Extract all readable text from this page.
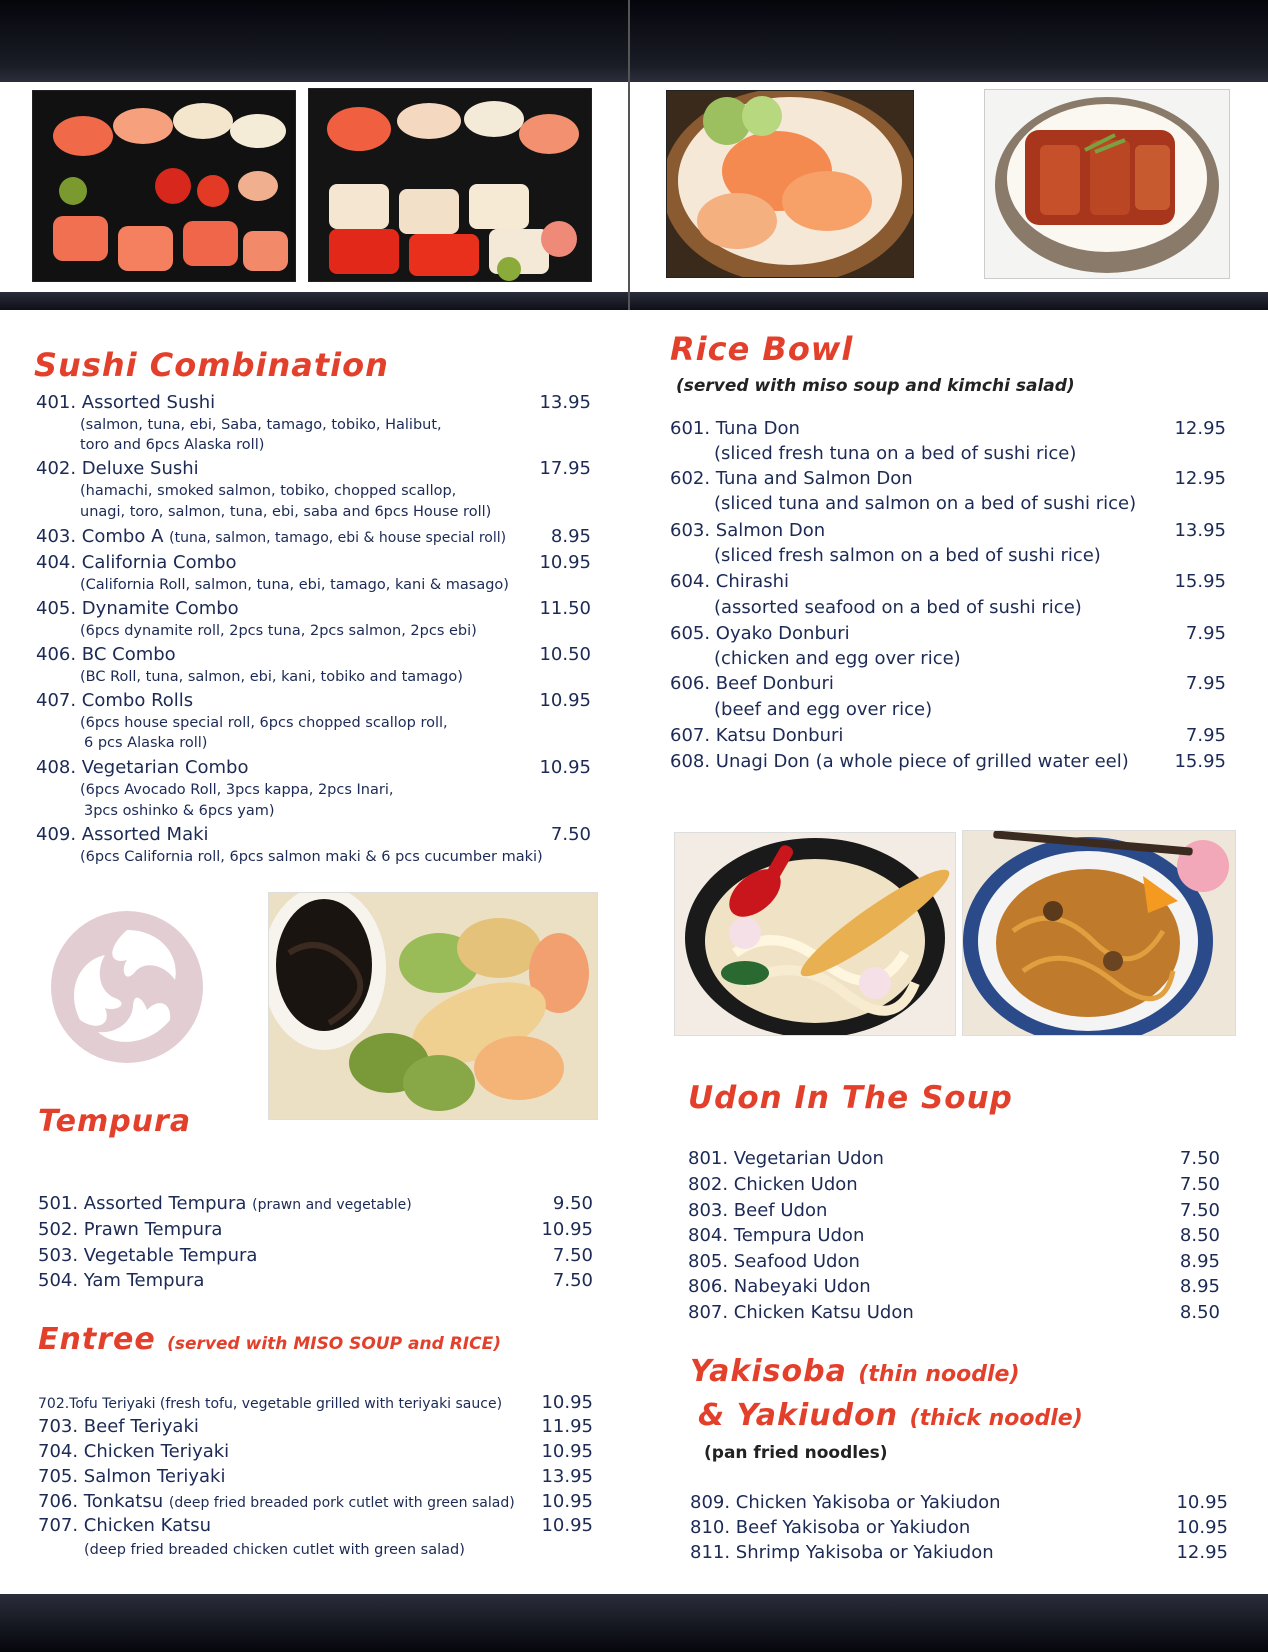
Sushi Combination
401. Assorted Sushi	13.95
(salmon, tuna, ebi, Saba, tamago, tobiko, Halibut,
toro and 6pcs Alaska roll)
402. Deluxe Sushi	17.95
(hamachi, smoked salmon, tobiko, chopped scallop,
unagi, toro, salmon, tuna, ebi, saba and 6pcs House roll)
403. Combo A (tuna, salmon, tamago, ebi & house special roll) 8.95
404. California Combo	10.95
(California Roll, salmon, tuna, ebi, tamago, kani & masago)
405. Dynamite Combo	11.50
(6pcs dynamite roll, 2pcs tuna, 2pcs salmon, 2pcs ebi)
406. BC Combo	10.50
(BC Roll, tuna, salmon, ebi, kani, tobiko and tamago)
407. Combo Rolls	10.95
(6pcs house special roll, 6pcs chopped scallop roll,
6 pcs Alaska roll)
408. Vegetarian Combo	10.95
(6pcs Avocado Roll, 3pcs kappa, 2pcs Inari,
3pcs oshinko & 6pcs yam)
409. Assorted Maki	7.50
(6pcs California roll, 6pcs salmon maki & 6 pcs cucumber maki)
Tempura
501. Assorted Tempura (prawn and vegetable)	9.50
502. Prawn Tempura	10.95
503. Vegetable Tempura	7.50
504. Yam Tempura	7.50
Entree (served with MISO SOUP and RICE)
702.Tofu Teriyaki (fresh tofu, vegetable grilled with teriyaki sauce) 10.95
703. Beef Teriyaki	11.95
704. Chicken Teriyaki	10.95
705. Salmon Teriyaki	13.95
706. Tonkatsu (deep fried breaded pork cutlet with green salad) 10.95
707. Chicken Katsu	10.95
(deep fried breaded chicken cutlet with green salad)
Rice Bowl
(served with miso soup and kimchi salad)
601. Tuna Don	12.95
(sliced fresh tuna on a bed of sushi rice)
602. Tuna and Salmon Don	12.95
(sliced tuna and salmon on a bed of sushi rice)
603. Salmon Don	13.95
(sliced fresh salmon on a bed of sushi rice)
604. Chirashi	15.95
(assorted seafood on a bed of sushi rice)
605. Oyako Donburi	7.95
(chicken and egg over rice)
606. Beef Donburi	7.95
(beef and egg over rice)
607. Katsu Donburi	7.95
608. Unagi Don (a whole piece of grilled water eel)	15.95
Udon In The Soup
801. Vegetarian Udon	7.50
802. Chicken Udon	7.50
803. Beef Udon	7.50
804. Tempura Udon	8.50
805. Seafood Udon	8.95
806. Nabeyaki Udon	8.95
807. Chicken Katsu Udon	8.50
Yakisoba (thin noodle)
& Yakiudon (thick noodle)
(pan fried noodles)
809. Chicken Yakisoba or Yakiudon	10.95
810. Beef Yakisoba or Yakiudon	10.95
811. Shrimp Yakisoba or Yakiudon	12.95
